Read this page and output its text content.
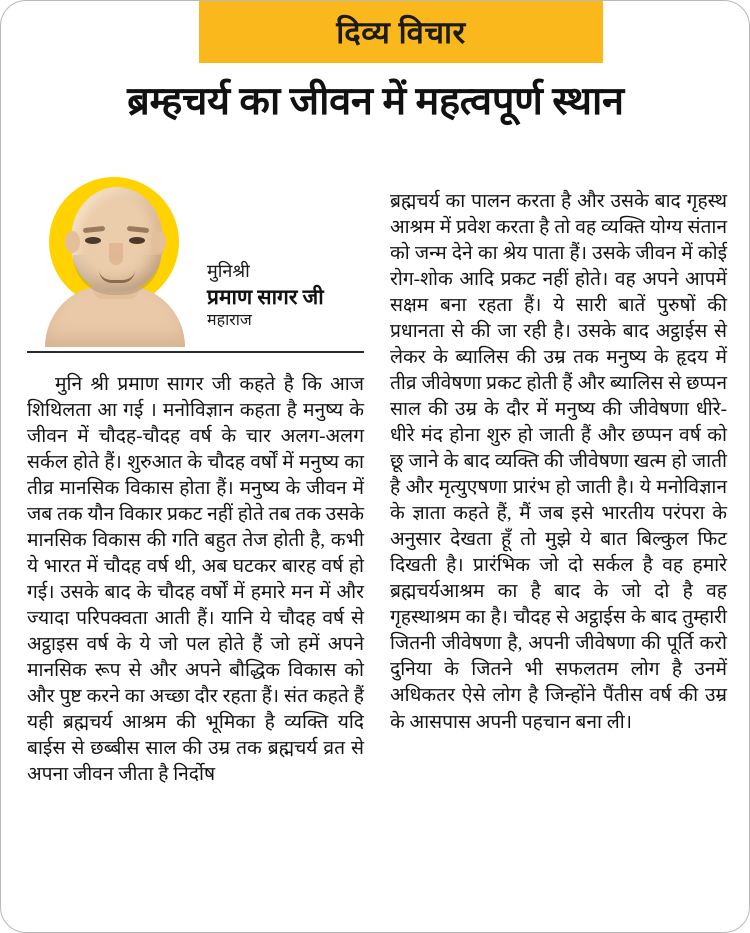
दिव्य विचार
ब्रम्हचर्य का जीवन में महत्वपूर्ण स्थान
मुनिश्री
प्रमाण सागर जी
महाराज

मुनि श्री प्रमाण सागर जी कहते है कि आज शिथिलता आ गई । मनोविज्ञान कहता है मनुष्य के जीवन में चौदह-चौदह वर्ष के चार अलग-अलग सर्कल होते हैं। शुरुआत के चौदह वर्षों में मनुष्य का तीव्र मानसिक विकास होता हैं। मनुष्य के जीवन में जब तक यौन विकार प्रकट नहीं होते तब तक उसके मानसिक विकास की गति बहुत तेज होती है, कभी ये भारत में चौदह वर्ष थी, अब घटकर बारह वर्ष हो गई। उसके बाद के चौदह वर्षों में हमारे मन में और ज्यादा परिपक्वता आती हैं। यानि ये चौदह वर्ष से अट्ठाइस वर्ष के ये जो पल होते हैं जो हमें अपने मानसिक रूप से और अपने बौद्धिक विकास को और पुष्ट करने का अच्छा दौर रहता हैं। संत कहते हैं यही ब्रह्मचर्य आश्रम की भूमिका है व्यक्ति यदि बाईस से छब्बीस साल की उम्र तक ब्रह्मचर्य व्रत से अपना जीवन जीता है निर्दोष

ब्रह्मचर्य का पालन करता है और उसके बाद गृहस्थ आश्रम में प्रवेश करता है तो वह व्यक्ति योग्य संतान को जन्म देने का श्रेय पाता हैं। उसके जीवन में कोई रोग-शोक आदि प्रकट नहीं होते। वह अपने आपमें सक्षम बना रहता हैं। ये सारी बातें पुरुषों की प्रधानता से की जा रही है। उसके बाद अट्ठाईस से लेकर के ब्यालिस की उम्र तक मनुष्य के हृदय में तीव्र जीवेषणा प्रकट होती हैं और ब्यालिस से छप्पन साल की उम्र के दौर में मनुष्य की जीवेषणा धीरे-धीरे मंद होना शुरु हो जाती हैं और छप्पन वर्ष को छू जाने के बाद व्यक्ति की जीवेषणा खत्म हो जाती है और मृत्युएषणा प्रारंभ हो जाती है। ये मनोविज्ञान के ज्ञाता कहते हैं, मैं जब इसे भारतीय परंपरा के अनुसार देखता हूँ तो मुझे ये बात बिल्कुल फिट दिखती है। प्रारंभिक जो दो सर्कल है वह हमारे ब्रह्मचर्यआश्रम का है बाद के जो दो है वह गृहस्थाश्रम का है। चौदह से अट्ठाईस के बाद तुम्हारी जितनी जीवेषणा है, अपनी जीवेषणा की पूर्ति करो दुनिया के जितने भी सफलतम लोग है उनमें अधिकतर ऐसे लोग है जिन्होंने पैंतीस वर्ष की उम्र के आसपास अपनी पहचान बना ली।
